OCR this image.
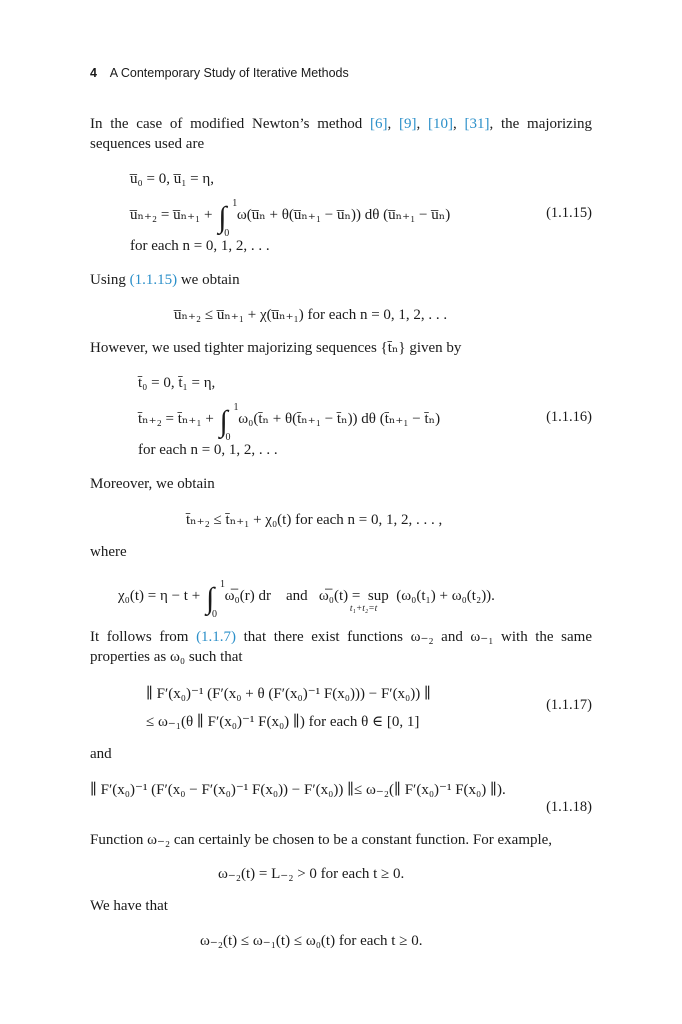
4 A Contemporary Study of Iterative Methods
In the case of modified Newton’s method [6], [9], [10], [31], the majorizing sequences used are
u̅₀ = 0, u̅₁ = η,
u̅ₙ₊₂ = u̅ₙ₊₁ + ∫ 1
0
ω(u̅ₙ + θ(u̅ₙ₊₁ − u̅ₙ)) dθ (u̅ₙ₊₁ − u̅ₙ)	(1.1.15)
for each n = 0, 1, 2, . . .
Using (1.1.15) we obtain
u̅ₙ₊₂ ≤ u̅ₙ₊₁ + χ(u̅ₙ₊₁) for each n = 0, 1, 2, . . .
However, we used tighter majorizing sequences {t̄ₙ} given by
t̄₀ = 0, t̄₁ = η,
t̄ₙ₊₂ = t̄ₙ₊₁ + ∫ 1
0
ω₀(t̄ₙ + θ(t̄ₙ₊₁ − t̄ₙ)) dθ (t̄ₙ₊₁ − t̄ₙ)	(1.1.16)
for each n = 0, 1, 2, . . .
Moreover, we obtain
t̄ₙ₊₂ ≤ t̄ₙ₊₁ + χ₀(t) for each n = 0, 1, 2, . . . ,
where
χ₀(t) = η − t + ∫ 1
0
ω̅₀(r) dr and ω̅₀(t) =  sup
t₁+t₂=t
(ω₀(t₁) + ω₀(t₂)).
It follows from (1.1.7) that there exist functions ω₋₂ and ω₋₁ with the same properties as ω₀ such that
∥ F′(x₀)⁻¹ (F′(x₀ + θ (F′(x₀)⁻¹ F(x₀))) − F′(x₀)) ∥
≤ ω₋₁(θ ∥ F′(x₀)⁻¹ F(x₀) ∥) for each θ ∈ [0, 1]
(1.1.17)
and
∥ F′(x₀)⁻¹ (F′(x₀ − F′(x₀)⁻¹ F(x₀)) − F′(x₀)) ∥≤ ω₋₂(∥ F′(x₀)⁻¹ F(x₀) ∥).
(1.1.18)
Function ω₋₂ can certainly be chosen to be a constant function. For example,
ω₋₂(t) = L₋₂ > 0 for each t ≥ 0.
We have that
ω₋₂(t) ≤ ω₋₁(t) ≤ ω₀(t) for each t ≥ 0.
